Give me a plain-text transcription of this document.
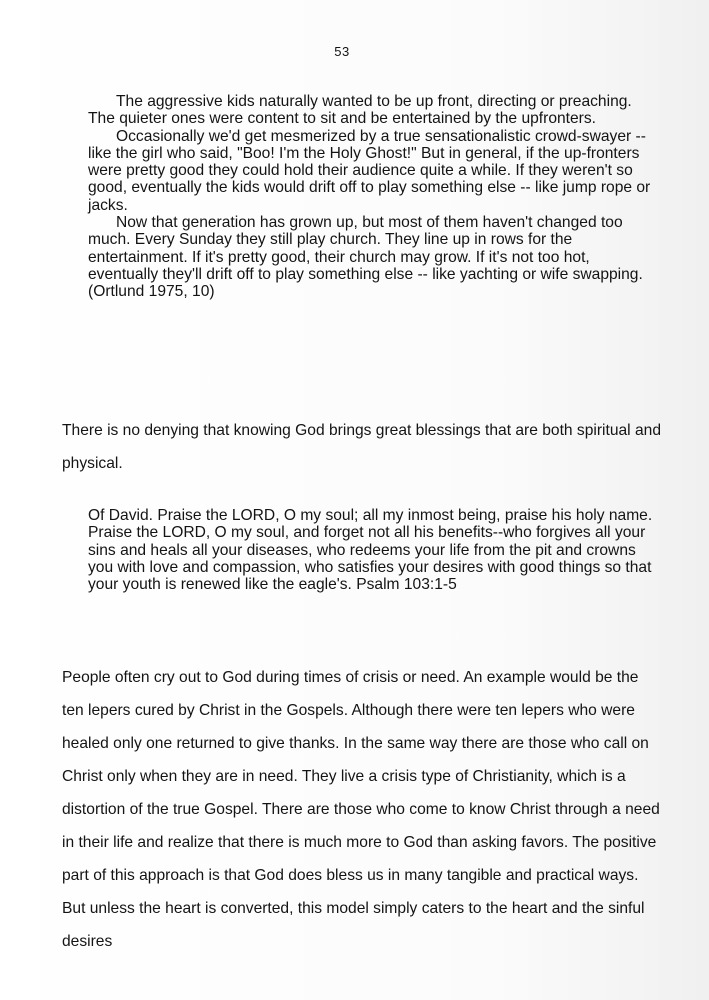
53

The aggressive kids naturally wanted to be up front, directing or preaching. The quieter ones were content to sit and be entertained by the upfronters.

Occasionally we'd get mesmerized by a true sensationalistic crowd-swayer -- like the girl who said, "Boo! I'm the Holy Ghost!" But in general, if the up-fronters were pretty good they could hold their audience quite a while. If they weren't so good, eventually the kids would drift off to play something else -- like jump rope or jacks.

Now that generation has grown up, but most of them haven't changed too much. Every Sunday they still play church. They line up in rows for the entertainment. If it's pretty good, their church may grow. If it's not too hot, eventually they'll drift off to play something else -- like yachting or wife swapping. (Ortlund 1975, 10)

There is no denying that knowing God brings great blessings that are both spiritual and physical.

Of David. Praise the LORD, O my soul; all my inmost being, praise his holy name. Praise the LORD, O my soul, and forget not all his benefits--who forgives all your sins and heals all your diseases, who redeems your life from the pit and crowns you with love and compassion, who satisfies your desires with good things so that your youth is renewed like the eagle's. Psalm 103:1-5

People often cry out to God during times of crisis or need. An example would be the ten lepers cured by Christ in the Gospels. Although there were ten lepers who were healed only one returned to give thanks. In the same way there are those who call on Christ only when they are in need. They live a crisis type of Christianity, which is a distortion of the true Gospel. There are those who come to know Christ through a need in their life and realize that there is much more to God than asking favors. The positive part of this approach is that God does bless us in many tangible and practical ways. But unless the heart is converted, this model simply caters to the heart and the sinful desires
